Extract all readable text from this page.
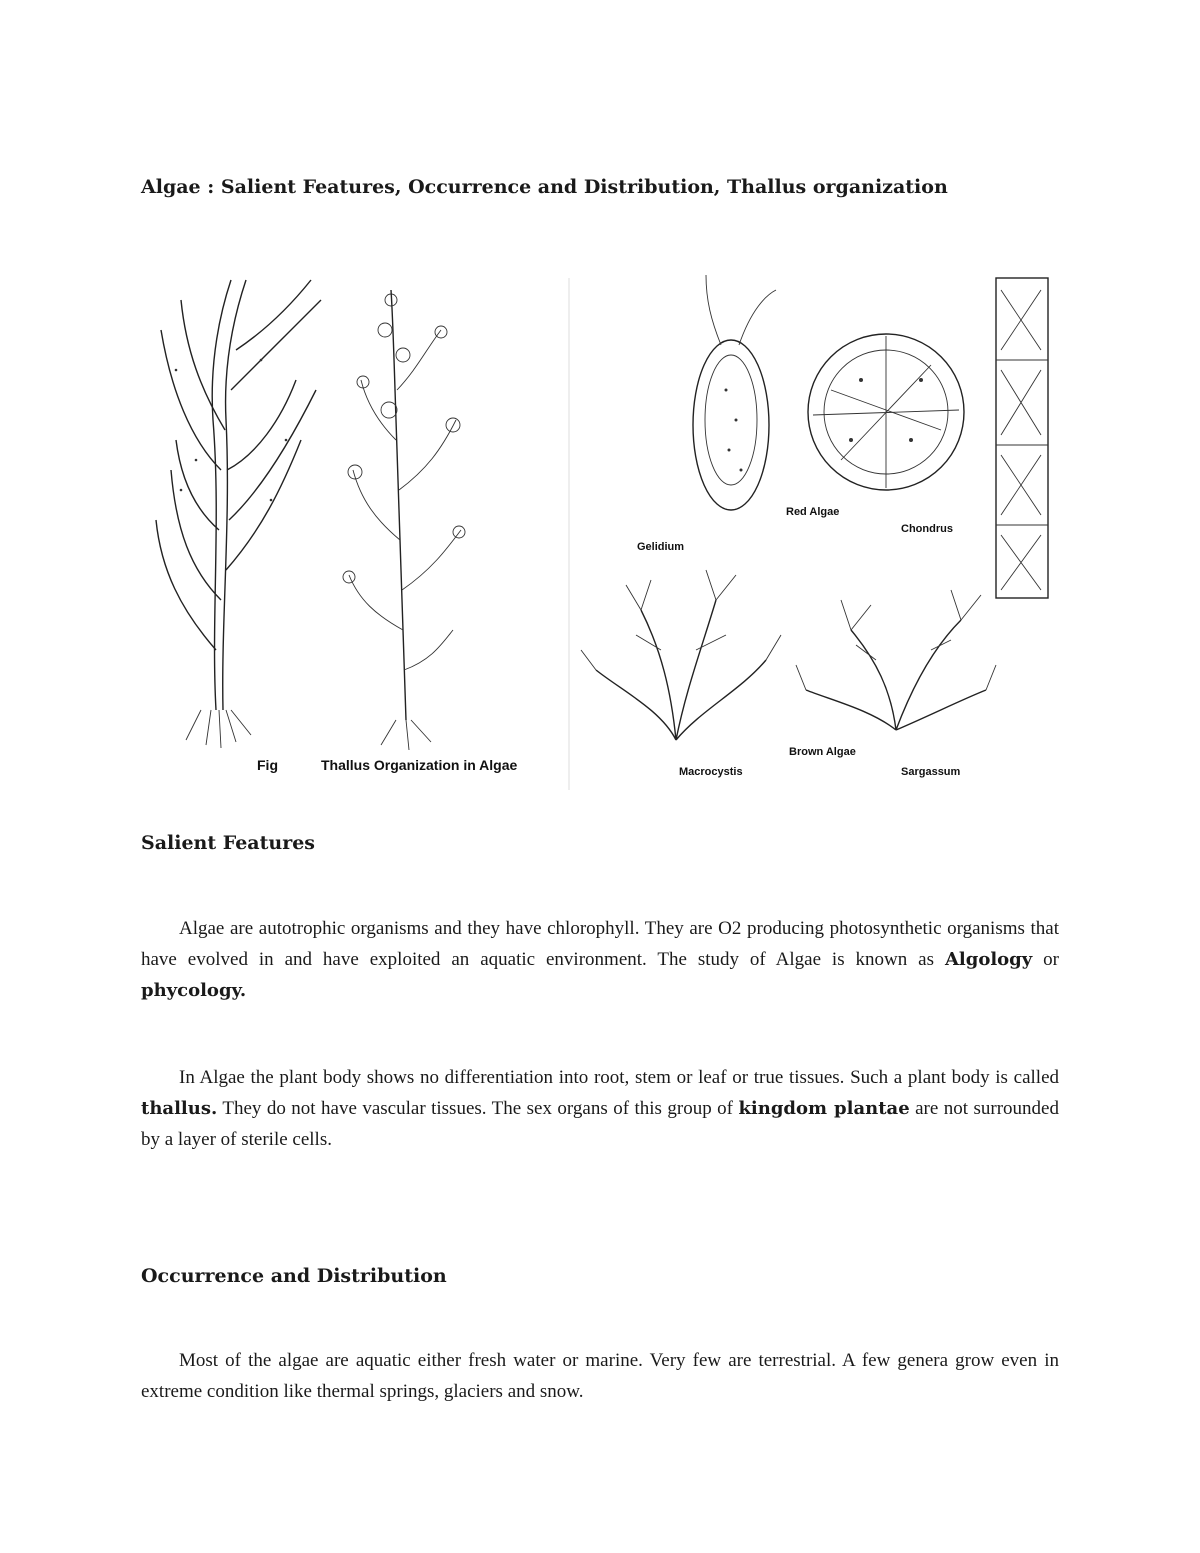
Algae : Salient Features, Occurrence and Distribution, Thallus organization
Fig	Thallus Organization in Algae
Red Algae
Chondrus
Gelidium
Macrocystis
Brown Algae
Sargassum
Salient Features
Algae are autotrophic organisms and they have chlorophyll. They are O2 producing photosynthetic organisms that have evolved in and have exploited an aquatic environment. The study of Algae is known as Algology or phycology.
In Algae the plant body shows no differentiation into root, stem or leaf or true tissues. Such a plant body is called thallus. They do not have vascular tissues. The sex organs of this group of kingdom plantae are not surrounded by a layer of sterile cells.
Occurrence and Distribution
Most of the algae are aquatic either fresh water or marine. Very few are terrestrial. A few genera grow even in extreme condition like thermal springs, glaciers and snow.
